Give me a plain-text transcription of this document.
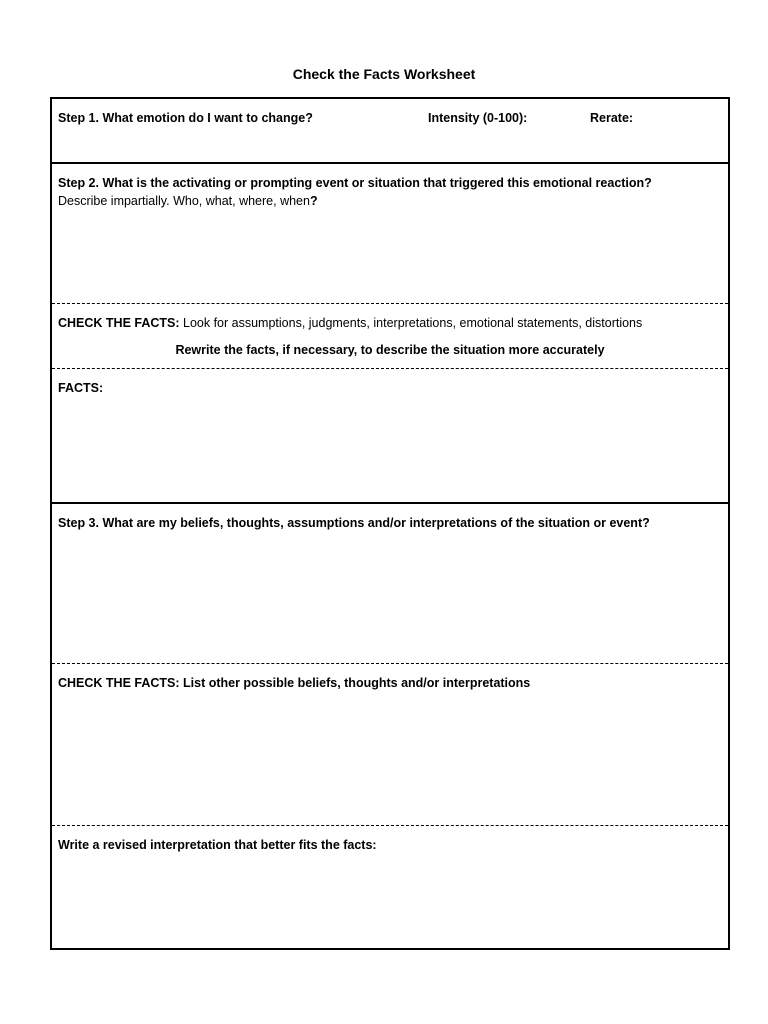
Check the Facts Worksheet
Step 1. What emotion do I want to change?	Intensity (0-100):	Rerate:
Step 2. What is the activating or prompting event or situation that triggered this emotional reaction?
Describe impartially. Who, what, where, when?
CHECK THE FACTS: Look for assumptions, judgments, interpretations, emotional statements, distortions
Rewrite the facts, if necessary, to describe the situation more accurately
FACTS:
Step 3. What are my beliefs, thoughts, assumptions and/or interpretations of the situation or event?
CHECK THE FACTS: List other possible beliefs, thoughts and/or interpretations
Write a revised interpretation that better fits the facts:
